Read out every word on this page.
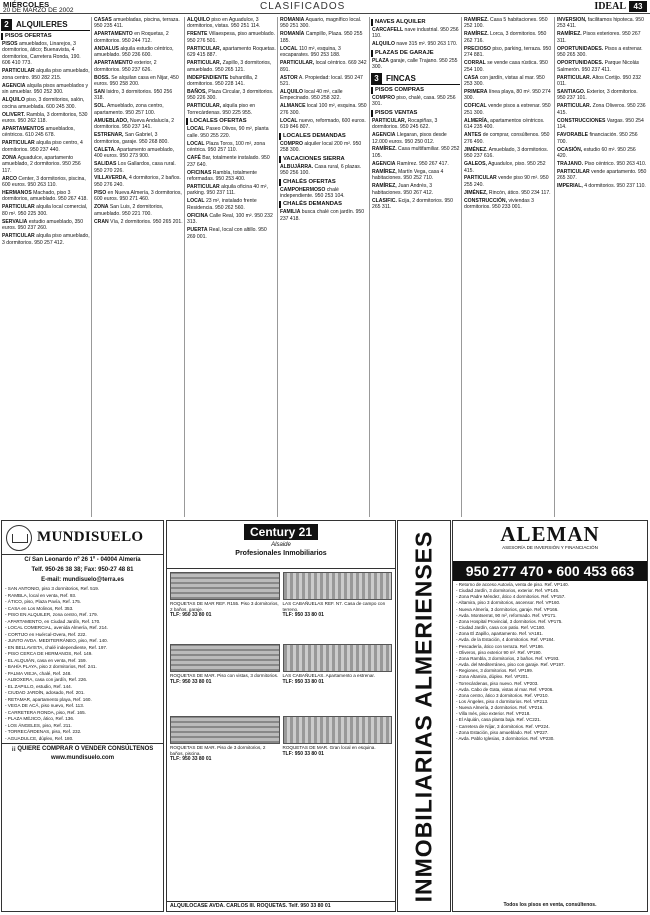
MIÉRCOLES
20 DE MARZO DE 2002	CLASIFICADOS	IDEAL 43
2 ALQUILERES
PISOS OFERTAS
PISOS amueblados, Linarejos, 3 dormitorios, ático; Buenavista, 4 dormitorios, Carretera Ronda, 190. 606 410 773.
PARTICULAR alquila piso amueblado, zona centro. 950 282 215.
AGENCIA alquila pisos amueblados y sin amueblar. 950 252 300.
ALQUILO piso, 3 dormitorios, salón, cocina amueblada. 600 245 300.
OLIVERT. Rambla, 3 dormitorios, 530 euros. 950 262 118.
APARTAMENTOS amueblados, céntricos. 610 245 678.
PARTICULAR alquila piso centro, 4 dormitorios. 950 237 440.
ZONA Aguadulce, apartamento amueblado, 2 dormitorios. 950 256 117.
ARCO Center, 3 dormitorios, piscina, 600 euros. 950 263 110.
HERMANOS Machado, piso 3 dormitorios, amueblado. 950 267 418.
PARTICULAR alquila local comercial, 80 m². 950 225 300.
SERVALIA estudio amueblado, 350 euros. 950 237 260.
PARTICULAR alquila piso amueblado, 3 dormitorios. 950 257 412.
CASAS amuebladas, piscina, terraza. 950 235 411.
APARTAMENTO en Roquetas, 2 dormitorios. 950 244 712.
ANDALUS alquila estudio céntrico, amueblado. 950 236 600.
APARTAMENTO exterior, 2 dormitorios. 950 237 626.
BOSS. Se alquilan casa en Nijar, 450 euros. 950 258 200.
SAN Isidro, 3 dormitorios. 950 256 318.
SOL. Amueblado, zona centro, apartamento. 950 257 100.
AMUEBLADO, Nueva Andalucía, 2 dormitorios. 950 237 141.
ESTRENAR, San Gabriel, 3 dormitorios, garaje. 950 268 800.
CALETA. Apartamento amueblado, 400 euros. 950 273 900.
SALIDAS Los Gallardos, casa rural. 950 270 226.
VILLAVERDA, 4 dormitorios, 2 baños. 950 276 240.
PISO en Nueva Almería, 3 dormitorios, 600 euros. 950 271 460.
ZONA San Luis, 2 dormitorios, amueblado. 950 221 700.
CRAN Vía, 2 dormitorios. 950 265 201.
ALQUILO piso en Aguadulce, 3 dormitorios, vistas. 950 251 114.
FRENTE Villaespesa, piso amueblado. 950 276 501.
PARTICULAR, apartamento Roquetas. 629 415 887.
PARTICULAR, Zapillo, 3 dormitorios, amueblado. 950 265 121.
INDEPENDIENTE buhardilla, 2 dormitorios. 950 228 141.
BAÑOS, Plaza Circular, 3 dormitorios. 950 226 300.
PARTICULAR, alquila piso en Torrecárdenas. 950 225 955.
LOCALES OFERTAS
LOCAL Paseo Olivos, 90 m², planta calle. 950 255 220.
LOCAL Plaza Toros, 100 m², zona céntrica. 950 257 110.
CAFÉ Bar, totalmente instalado. 950 237 640.
OFICINAS Rambla, totalmente reformadas. 950 253 400.
PARTICULAR alquila oficina 40 m², parking. 950 237 111.
LOCAL 23 m², instalado frente Residencia. 950 262 560.
OFICINA Calle Real, 100 m². 950 232 313.
PUERTA Real, local con altillo. 950 269 001.
ROMANÍA Aquario, magnífico local. 950 251 300.
ROMANÍA Campillo, Plaza. 950 255 185.
LOCAL 110 m², esquina, 3 escaparates. 950 253 188.
PARTICULAR, local céntrico. 669 342 891.
ASTOR A. Propiedad: local. 950 247 521.
ALQUILO local 40 m², calle Empecinado. 950 258 322.
ALMANCE local 100 m², esquina. 950 276 300.
LOCAL nuevo, reformado, 600 euros. 619 846 807.
LOCALES DEMANDAS
COMPRO alquiler local 200 m². 950 258 300.
VACACIONES SIERRA
ALBUJÁRRA. Casa rural, 6 plazas. 950 256 100.
CHALÉS OFERTAS
CAMPOHERMOSO chalé independiente. 950 253 104.
CHALÉS DEMANDAS
FAMILIA busca chalé con jardín. 950 237 418.
NAVES ALQUILER
CARCAFELL nave industrial. 950 256 110.
ALQUILO nave 315 m². 950 263 170.
PLAZAS DE GARAJE
PLAZA garaje, calle Trajano. 950 255 300.
3 FINCAS
PISOS COMPRAS
COMPRO piso, chalé, casa. 950 256 301.
PISOS VENTAS
PARTICULAR, Rocapiñas, 3 dormitorios. 950 245 622.
AGENCIA Llegaran, pisos desde 12.000 euros. 950 250 012.
RAMÍREZ. Casa multifamiliar. 950 252 105.
AGENCIA Ramírez. 950 267 417.
RAMÍREZ, Martín Vega, casa 4 habitaciones. 950 252 710.
RAMÍREZ, Juan Andrés, 3 habitaciones. 950 267 412.
CLASIFIC. Ecija, 2 dormitorios. 950 265 311.
RAMÍREZ. Casa 5 habitaciones. 950 252 100.
RAMÍREZ. Lorca, 3 dormitorios. 950 262 716.
PRECIOSO piso, parking, terraza. 950 274 881.
CORRAL se vende casa rústica. 950 254 100.
CASA con jardín, vistas al mar. 950 253 300.
PRIMERA línea playa, 80 m². 950 274 300.
COFICAL vende pisos a estrenar. 950 251 300.
ALMERÍA, apartamentos céntricos. 614 235 400.
ANTES de comprar, consúltenos. 950 276 490.
JIMÉNEZ. Amueblado, 3 dormitorios. 950 237 616.
GALEOS, Aguadulce, piso. 950 252 415.
PARTICULAR vende piso 90 m². 950 255 240.
JIMÉNEZ, Rincón, ático. 950 234 117.
CONSTRUCCIÓN, viviendas 3 dormitorios. 950 233 001.
INVERSIÓN, facilitamos hipoteca. 950 253 411.
RAMÍREZ. Pisos exteriores. 950 267 311.
OPORTUNIDADES. Pisos a estrenar. 950 265 300.
OPORTUNIDADES. Parque Nicolás Salmerón. 950 237 411.
PARTICULAR. Altos Cortijo. 950 232 011.
SANTIAGO. Exterior, 3 dormitorios. 950 237 101.
PARTICULAR. Zona Oliveros. 950 236 415.
CONSTRUCCIONES Vargas. 950 254 114.
FAVORABLE financiación. 950 256 700.
OCASIÓN, estudio 60 m². 950 256 420.
TRAJANO. Piso céntrico. 950 263 410.
PARTICULAR vende apartamento. 950 265 307.
IMPERIAL, 4 dormitorios. 950 237 110.
MUNDISUELO
C/ San Leonardo nº 26 1º - 04004 Almería
Telf. 950-26 38 38; Fax: 950-27 48 81
E-mail: mundisuelo@terra.es
- SAN ANTONIO, piso 3 dormitorios, Ref. 519.
- RAMBLA, local en venta, Ref. 93.
- ÁTICO, piso, Plaza Pavía, Ref. 175.
- CASA en Los Molinos, Ref. 353.
- PISO EN ALQUILER, zona centro, Ref. 179.
- APARTAMENTO, en Ciudad Jardín, Ref. 170.
- LOCAL COMERCIAL, avenida Almería, Ref. 214.
- CORTIJO en Huércal-Overa, Ref. 222.
- JUNTO AVDA. MEDITERRÁNEO, piso, Ref. 140.
- EN BELLAVISTA, chalé independiente, Ref. 197.
- PISO CERCA DE HERMANOS, Ref. 149.
- EL ALQUIÁN, casa en venta, Ref. 159.
- BAHÍA PLAYA, piso 2 dormitorios, Ref. 241.
- PALMA VIEJA, chalé, Ref. 248.
- ALBOXERA, casa con jardín, Ref. 226.
- EL ZAPILLO, estudio, Ref. 144.
- CIUDAD JARDÍN, adosado, Ref. 201.
- RETAMAR, apartamento playa, Ref. 160.
- VEGA DE ACÁ, piso nuevo, Ref. 113.
- CARRETERA RONDA, piso, Ref. 165.
- PLAZA MÉJICO, ático, Ref. 136.
- LOS ÁNGELES, piso, Ref. 211.
- TORRECÁRDENAS, piso, Ref. 232.
- AGUADULCE, dúplex, Ref. 180.
¡¡ QUIERE COMPRAR O VENDER CONSÚLTENOS
www.mundisuelo.com
Century 21
Alsaide
Profesionales Inmobiliarios
ROQUETAS DE MAR REF. R155. Piso 3 dormitorios, 2 baños, garaje.
TLF: 950 33 80 01
LAS CABAÑUELAS REF. N7. Casa de campo con terreno.
TLF: 950 33 80 01
ROQUETAS DE MAR. Piso con vistas, 3 dormitorios.
TLF: 950 33 80 01
LAS CABAÑUELAS. Apartamento a estrenar.
TLF: 950 33 80 01
ROQUETAS DE MAR. Piso de 3 dormitorios, 2 baños, piscina.
TLF: 950 33 80 01
ROQUETAS DE MAR. Gran local en esquina.
TLF: 950 33 80 01
ALQUILOCASE AVDA. CARLOS III. ROQUETAS. Telf. 950 33 80 01
INMOBILIARIAS ALMERIENSES	ALEMAN
ASESORÍA DE INVERSIÓN Y FINANCIACIÓN
950 277 470 • 600 453 663
- Retorno de acceso Autovía, venta de piso. Ref. VP140.
- Ciudad Jardín, 3 dormitorios, exterior. Ref. VP145.
- Zona Padre Méndez, ático 4 dormitorios. Ref. VP157.
- Altamira, piso 3 dormitorios, ascensor. Ref. VP160.
- Nueva Almería, 3 dormitorios, garaje. Ref. VP166.
- Avda. Montserrat, 90 m², reformado. Ref. VP171.
- Zona Hospital Provincial, 3 dormitorios. Ref. VP175.
- Ciudad Jardín, casa con patio. Ref. VC180.
- Zona El Zapillo, apartamento. Ref. VA181.
- Avda. de la Estación, 4 dormitorios. Ref. VP184.
- Pescadería, ático con terraza. Ref. VP186.
- Oliveros, piso exterior 90 m². Ref. VP190.
- Zona Rambla, 3 dormitorios, 2 baños. Ref. VP193.
- Avda. del Mediterráneo, piso con garaje. Ref. VP197.
- Regiones, 3 dormitorios. Ref. VP199.
- Zona Altamira, dúplex. Ref. VP201.
- Torrecárdenas, piso nuevo. Ref. VP203.
- Avda. Cabo de Gata, vistas al mar. Ref. VP206.
- Zona centro, ático 3 dormitorios. Ref. VP210.
- Los Ángeles, piso 4 dormitorios. Ref. VP213.
- Nueva Almería, 2 dormitorios. Ref. VP216.
- Villa Inés, piso exterior. Ref. VP218.
- El Alquián, casa planta baja. Ref. VC221.
- Carretera de Níjar, 3 dormitorios. Ref. VP224.
- Zona Estación, piso amueblado. Ref. VP227.
- Avda. Pablo Iglesias, 3 dormitorios. Ref. VP230.
Todos los pisos en venta, consúltenos.
